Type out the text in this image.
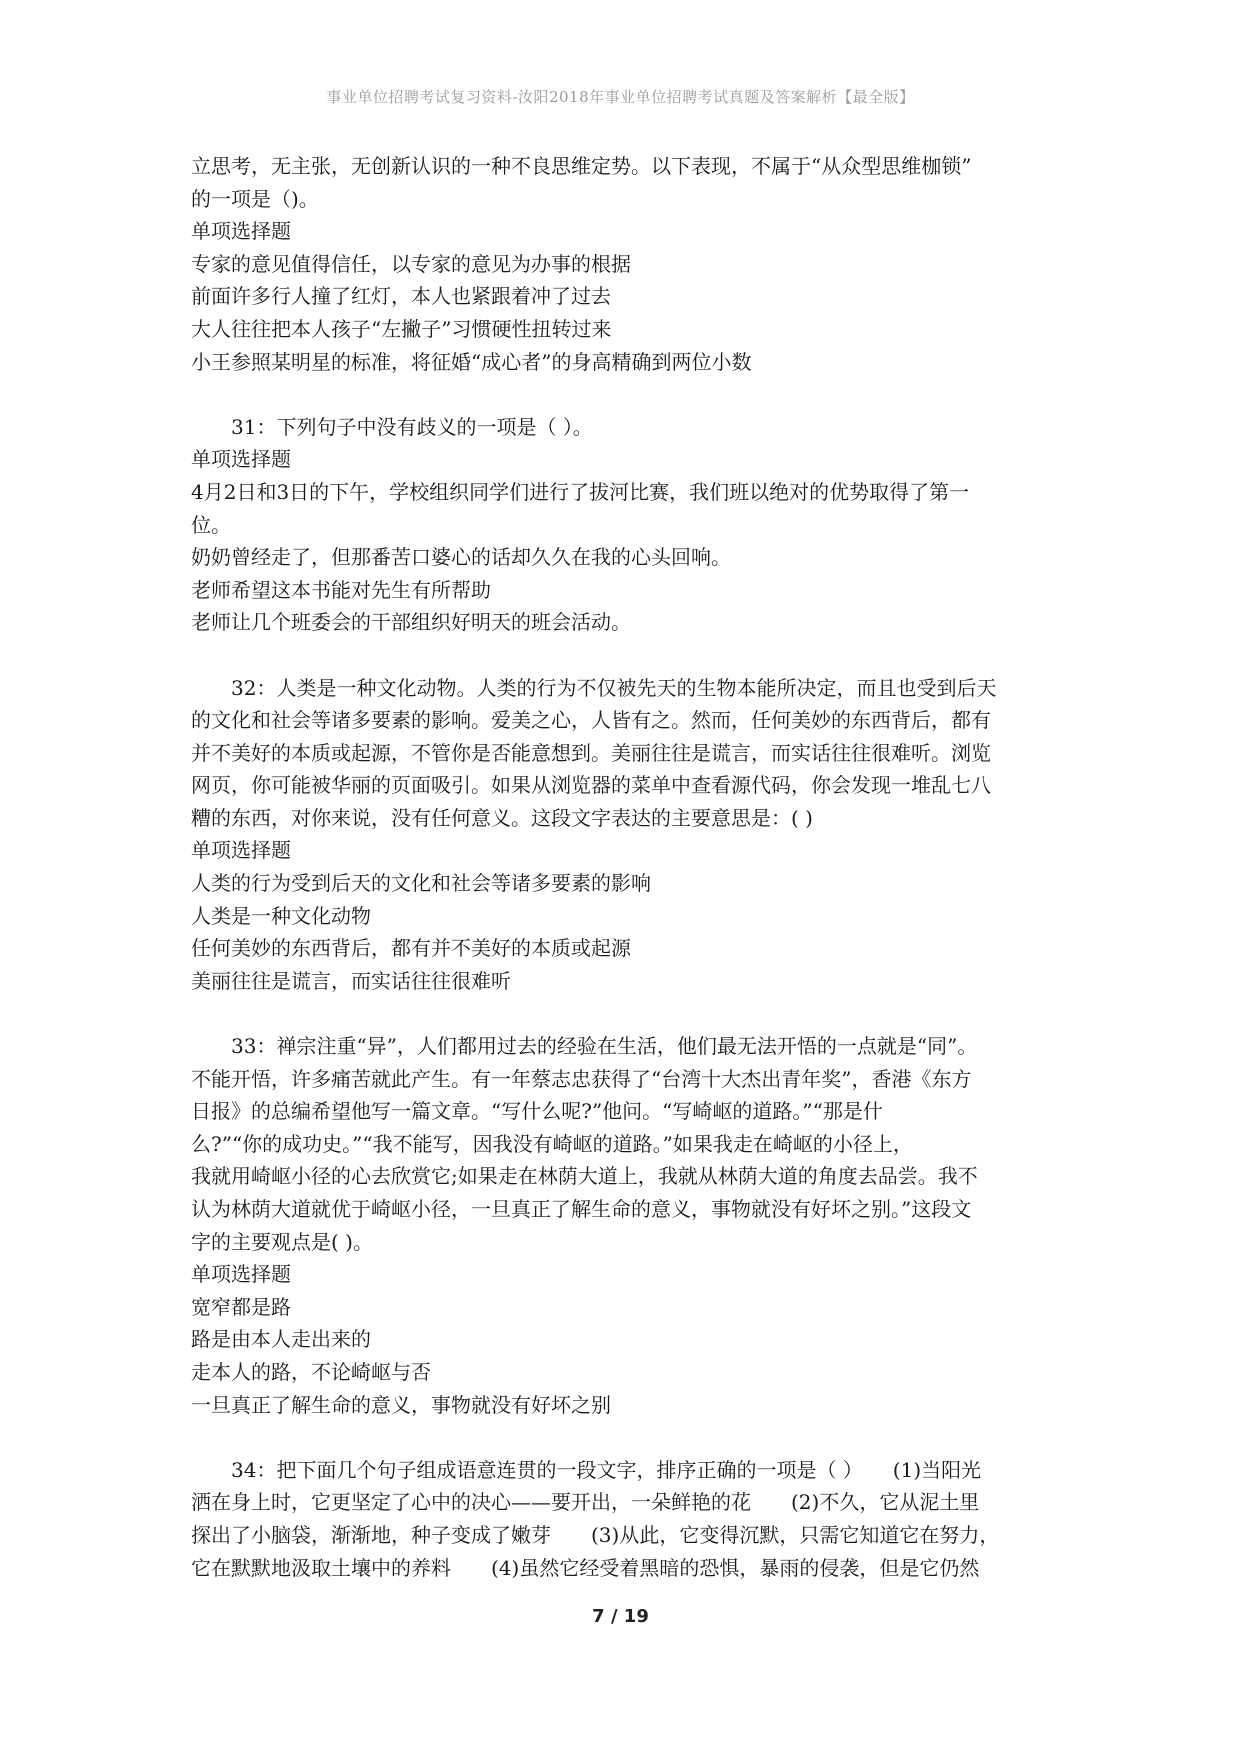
事业单位招聘考试复习资料-汝阳2018年事业单位招聘考试真题及答案解析【最全版】
立思考，无主张，无创新认识的一种不良思维定势。以下表现，不属于“从众型思维枷锁”
的一项是（)。
单项选择题
专家的意见值得信任，以专家的意见为办事的根据
前面许多行人撞了红灯，本人也紧跟着冲了过去
大人往往把本人孩子“左撇子”习惯硬性扭转过来
小王参照某明星的标准，将征婚“成心者”的身高精确到两位小数
31：下列句子中没有歧义的一项是（ ）。
单项选择题
4月2日和3日的下午，学校组织同学们进行了拔河比赛，我们班以绝对的优势取得了第一
位。
奶奶曾经走了，但那番苦口婆心的话却久久在我的心头回响。
老师希望这本书能对先生有所帮助
老师让几个班委会的干部组织好明天的班会活动。
32：人类是一种文化动物。人类的行为不仅被先天的生物本能所决定，而且也受到后天
的文化和社会等诸多要素的影响。爱美之心，人皆有之。然而，任何美妙的东西背后，都有
并不美好的本质或起源，不管你是否能意想到。美丽往往是谎言，而实话往往很难听。浏览
网页，你可能被华丽的页面吸引。如果从浏览器的菜单中查看源代码，你会发现一堆乱七八
糟的东西，对你来说，没有任何意义。这段文字表达的主要意思是：( )
单项选择题
人类的行为受到后天的文化和社会等诸多要素的影响
人类是一种文化动物
任何美妙的东西背后，都有并不美好的本质或起源
美丽往往是谎言，而实话往往很难听
33：禅宗注重“异”，人们都用过去的经验在生活，他们最无法开悟的一点就是“同”。
不能开悟，许多痛苦就此产生。有一年蔡志忠获得了“台湾十大杰出青年奖”，香港《东方
日报》的总编希望他写一篇文章。“写什么呢?”他问。“写崎岖的道路。”“那是什
么?”“你的成功史。”“我不能写，因我没有崎岖的道路。”如果我走在崎岖的小径上，
我就用崎岖小径的心去欣赏它;如果走在林荫大道上，我就从林荫大道的角度去品尝。我不
认为林荫大道就优于崎岖小径，一旦真正了解生命的意义，事物就没有好坏之别。”这段文
字的主要观点是( )。
单项选择题
宽窄都是路
路是由本人走出来的
走本人的路，不论崎岖与否
一旦真正了解生命的意义，事物就没有好坏之别
34：把下面几个句子组成语意连贯的一段文字，排序正确的一项是（ ）　　(1)当阳光
洒在身上时，它更坚定了心中的决心——要开出，一朵鲜艳的花　　(2)不久，它从泥土里
探出了小脑袋，渐渐地，种子变成了嫩芽　　(3)从此，它变得沉默，只需它知道它在努力，
它在默默地汲取土壤中的养料　　(4)虽然它经受着黑暗的恐惧，暴雨的侵袭，但是它仍然
7 / 19
